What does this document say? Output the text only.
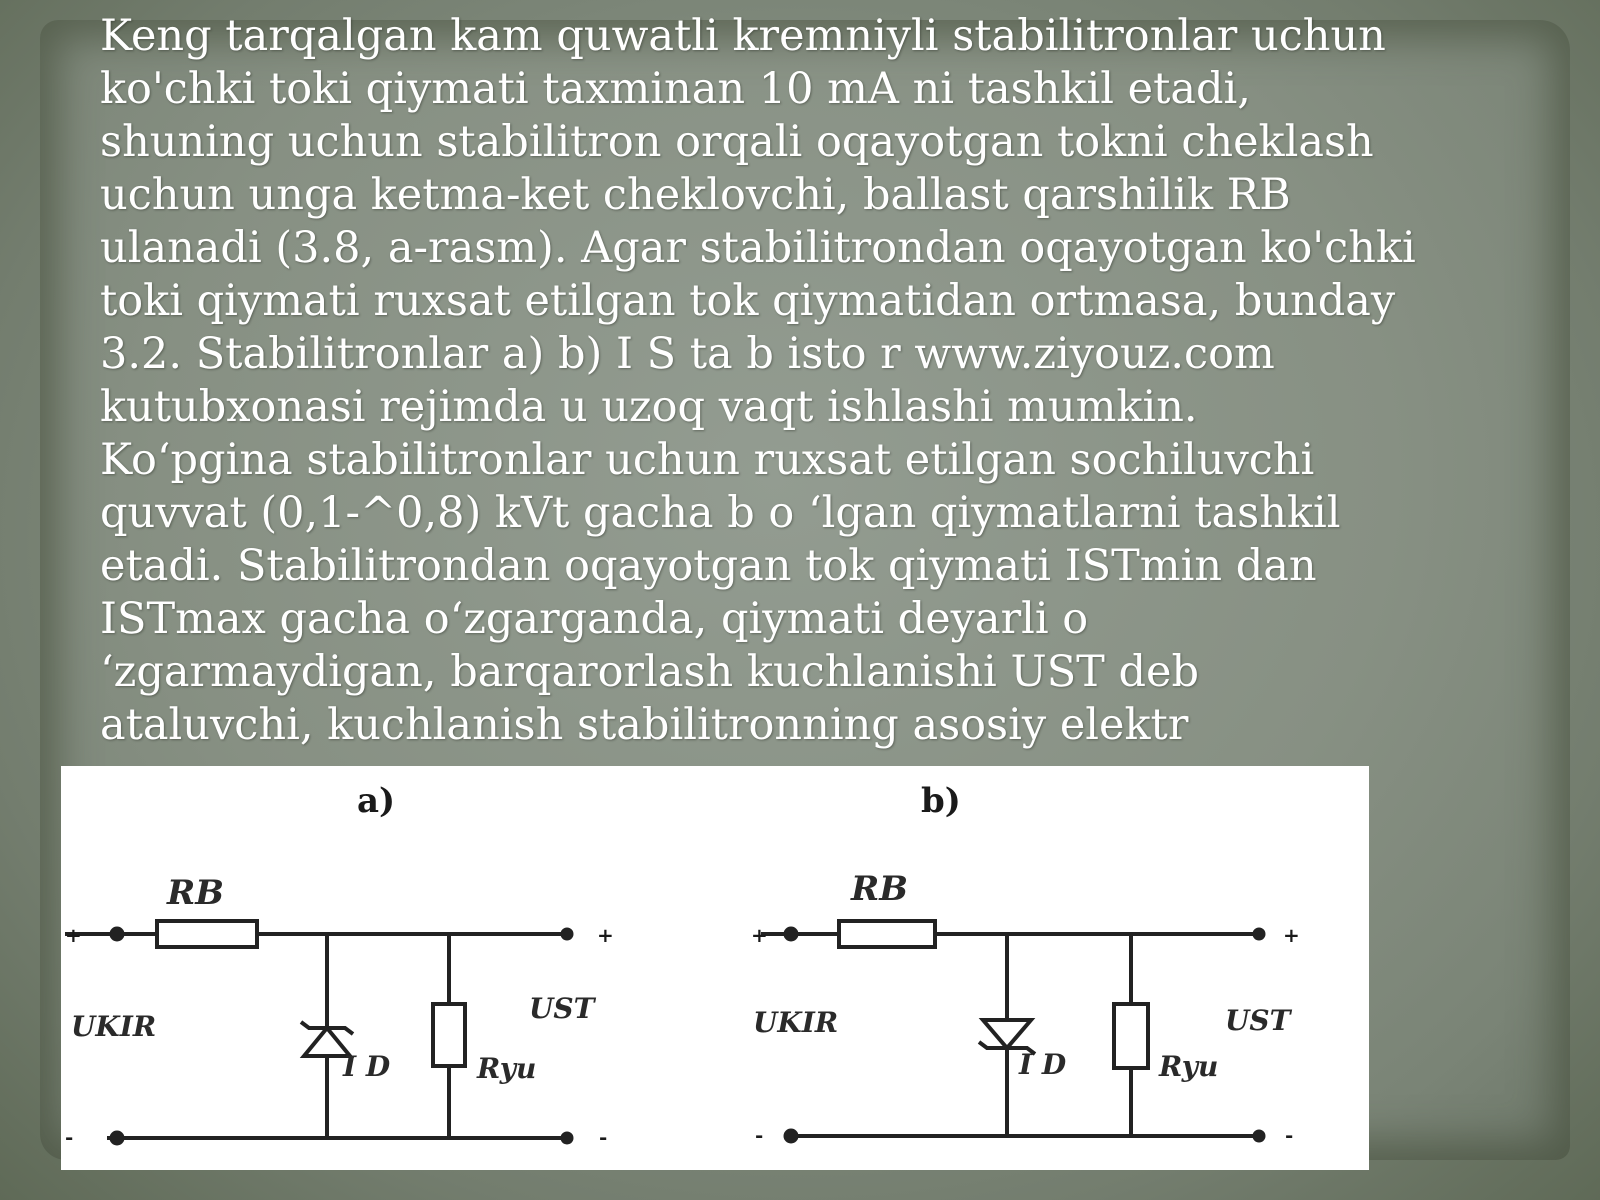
Keng tarqalgan kam quwatli kremniyli stabilitronlar uchun
ko'chki toki qiymati taxminan 10 mA ni tashkil etadi,
shuning uchun stabilitron orqali oqayotgan tokni cheklash
uchun unga ketma-ket cheklovchi, ballast qarshilik RB
ulanadi (3.8, a-rasm). Agar stabilitrondan oqayotgan ko'chki
toki qiymati ruxsat etilgan tok qiymatidan ortmasa, bunday
3.2. Stabilitronlar a) b) I S ta b isto r www.ziyouz.com
kutubxonasi rejimda u uzoq vaqt ishlashi mumkin.
Ko‘pgina stabilitronlar uchun ruxsat etilgan sochiluvchi
quvvat (0,1-^0,8) kVt gacha b o ‘lgan qiymatlarni tashkil
etadi. Stabilitrondan oqayotgan tok qiymati ISTmin dan
ISTmax gacha o‘zgarganda, qiymati deyarli o
‘zgarmaydigan, barqarorlash kuchlanishi UST deb
ataluvchi, kuchlanish stabilitronning asosiy elektr
a)
RB
UKIR
UST
I D	Ryu
+
-
+
-
b)
RB
UKIR	UST
I D	Ryu
+
-
+
-
